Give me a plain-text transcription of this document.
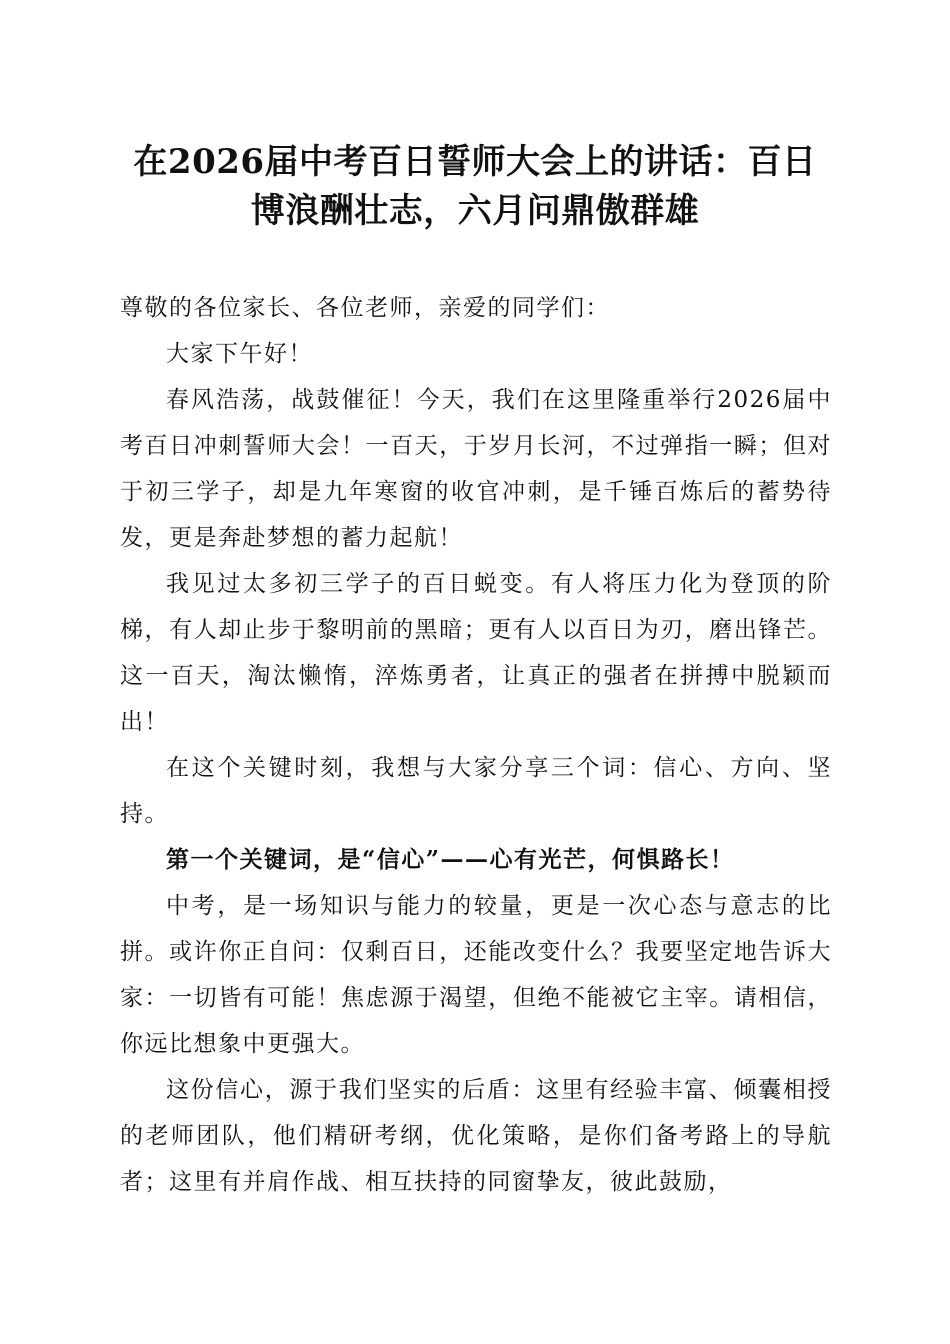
在2026届中考百日誓师大会上的讲话：百日
博浪酬壮志，六月问鼎傲群雄

尊敬的各位家长、各位老师，亲爱的同学们：

大家下午好！

春风浩荡，战鼓催征！今天，我们在这里隆重举行2026届中考百日冲刺誓师大会！一百天，于岁月长河，不过弹指一瞬；但对于初三学子，却是九年寒窗的收官冲刺，是千锤百炼后的蓄势待发，更是奔赴梦想的蓄力起航！

我见过太多初三学子的百日蜕变。有人将压力化为登顶的阶梯，有人却止步于黎明前的黑暗；更有人以百日为刃，磨出锋芒。这一百天，淘汰懒惰，淬炼勇者，让真正的强者在拼搏中脱颖而出！

在这个关键时刻，我想与大家分享三个词：信心、方向、坚持。

第一个关键词，是“信心”——心有光芒，何惧路长！

中考，是一场知识与能力的较量，更是一次心态与意志的比拼。或许你正自问：仅剩百日，还能改变什么？我要坚定地告诉大家：一切皆有可能！焦虑源于渴望，但绝不能被它主宰。请相信，你远比想象中更强大。

这份信心，源于我们坚实的后盾：这里有经验丰富、倾囊相授的老师团队，他们精研考纲，优化策略，是你们备考路上的导航者；这里有并肩作战、相互扶持的同窗挚友，彼此鼓励，
